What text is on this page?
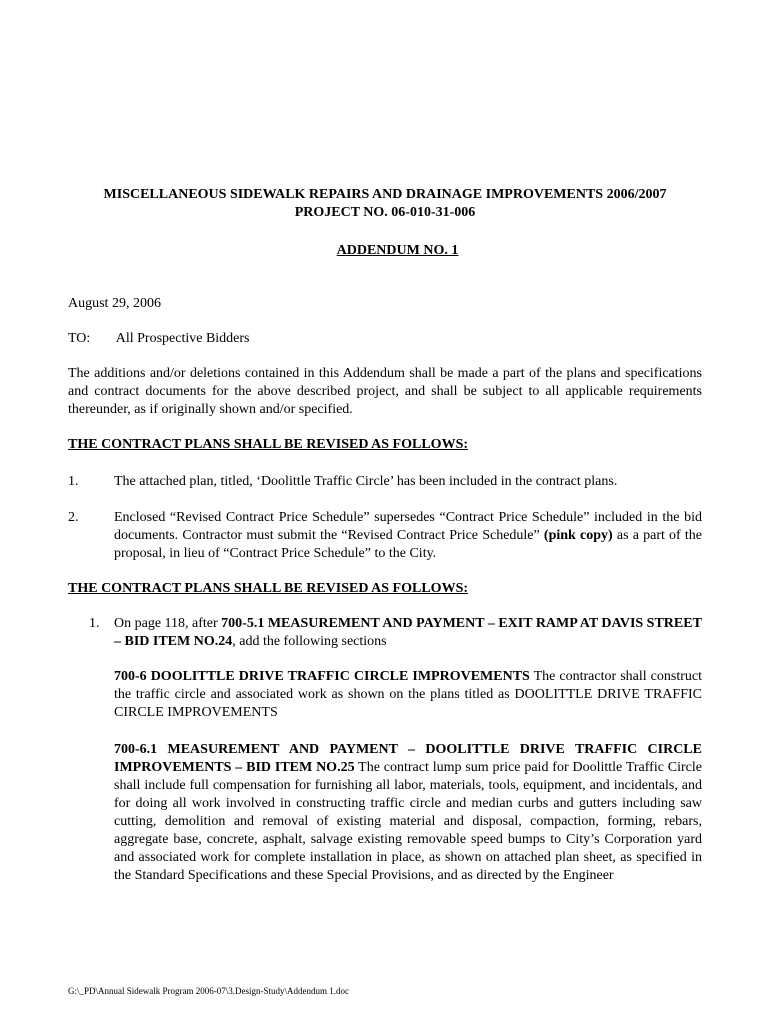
MISCELLANEOUS SIDEWALK REPAIRS AND DRAINAGE IMPROVEMENTS 2006/2007
PROJECT NO. 06-010-31-006
ADDENDUM NO. 1
August 29, 2006
TO: All Prospective Bidders
The additions and/or deletions contained in this Addendum shall be made a part of the plans and specifications and contract documents for the above described project, and shall be subject to all applicable requirements thereunder, as if originally shown and/or specified.
THE CONTRACT PLANS SHALL BE REVISED AS FOLLOWS:
1.	The attached plan, titled, ‘Doolittle Traffic Circle’ has been included in the contract plans.
2.	Enclosed “Revised Contract Price Schedule” supersedes “Contract Price Schedule” included in the bid documents. Contractor must submit the “Revised Contract Price Schedule” (pink copy) as a part of the proposal, in lieu of “Contract Price Schedule” to the City.
THE CONTRACT PLANS SHALL BE REVISED AS FOLLOWS:
1. On page 118, after 700-5.1 MEASUREMENT AND PAYMENT – EXIT RAMP AT DAVIS STREET – BID ITEM NO.24, add the following sections
700-6 DOOLITTLE DRIVE TRAFFIC CIRCLE IMPROVEMENTS The contractor shall construct the traffic circle and associated work as shown on the plans titled as DOOLITTLE DRIVE TRAFFIC CIRCLE IMPROVEMENTS
700-6.1 MEASUREMENT AND PAYMENT – DOOLITTLE DRIVE TRAFFIC CIRCLE IMPROVEMENTS – BID ITEM NO.25 The contract lump sum price paid for Doolittle Traffic Circle shall include full compensation for furnishing all labor, materials, tools, equipment, and incidentals, and for doing all work involved in constructing traffic circle and median curbs and gutters including saw cutting, demolition and removal of existing material and disposal, compaction, forming, rebars, aggregate base, concrete, asphalt, salvage existing removable speed bumps to City’s Corporation yard and associated work for complete installation in place, as shown on attached plan sheet, as specified in the Standard Specifications and these Special Provisions, and as directed by the Engineer
G:\_PD\Annual Sidewalk Program 2006-07\3.Design-Study\Addendum 1.doc
